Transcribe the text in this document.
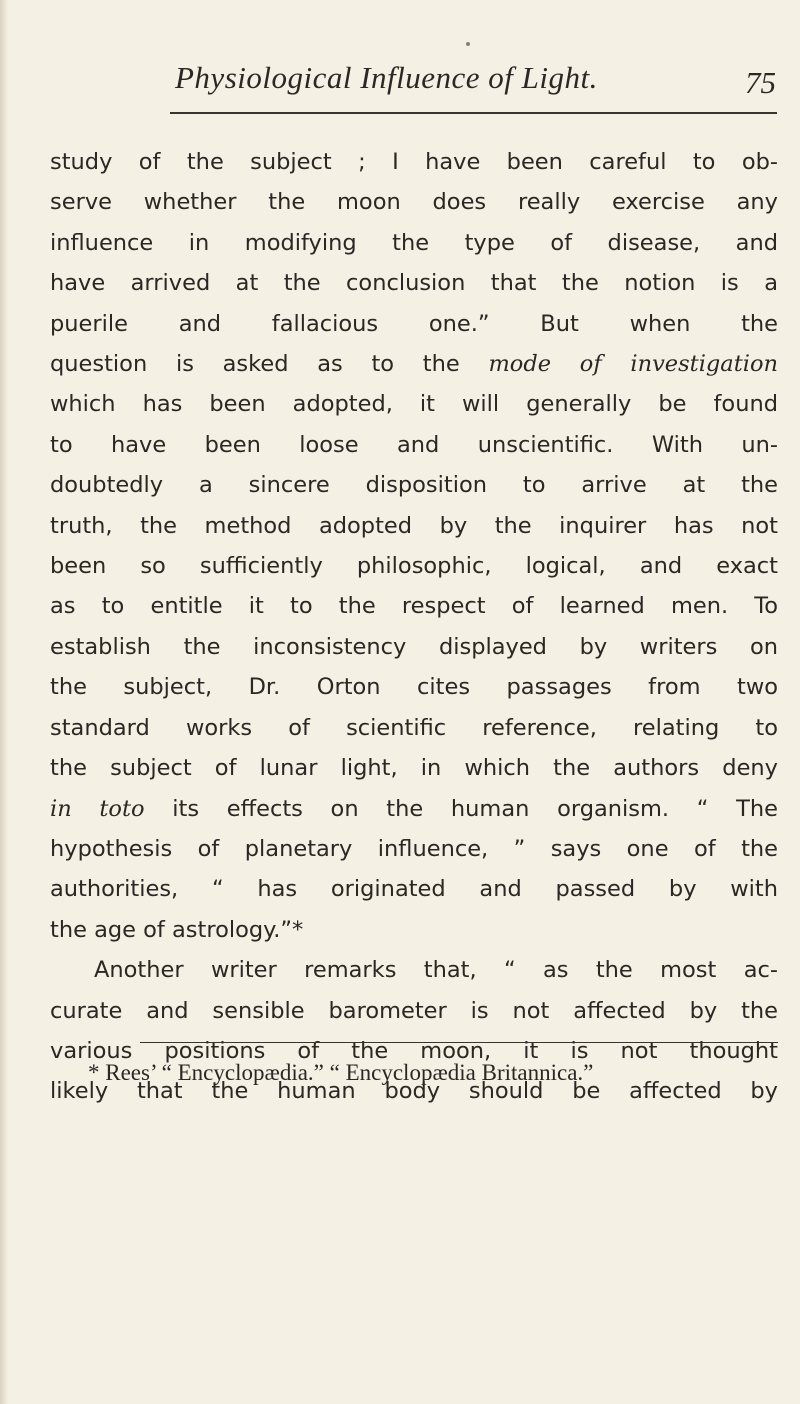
Physiological Influence of Light.	75
study of the subject ; I have been careful to ob-
serve whether the moon does really exercise any
influence in modifying the type of disease, and
have arrived at the conclusion that the notion is a
puerile and fallacious one.” But when the
question is asked as to the mode of investigation
which has been adopted, it will generally be found
to have been loose and unscientific. With un-
doubtedly a sincere disposition to arrive at the
truth, the method adopted by the inquirer has not
been so sufficiently philosophic, logical, and exact
as to entitle it to the respect of learned men. To
establish the inconsistency displayed by writers on
the subject, Dr. Orton cites passages from two
standard works of scientific reference, relating to
the subject of lunar light, in which the authors deny
in toto its effects on the human organism. “ The
hypothesis of planetary influence, ” says one of the
authorities, “ has originated and passed by with
the age of astrology.”*
Another writer remarks that, “ as the most ac-
curate and sensible barometer is not affected by the
various positions of the moon, it is not thought
likely that the human body should be affected by
* Rees’ “ Encyclopædia.” “ Encyclopædia Britannica.”
